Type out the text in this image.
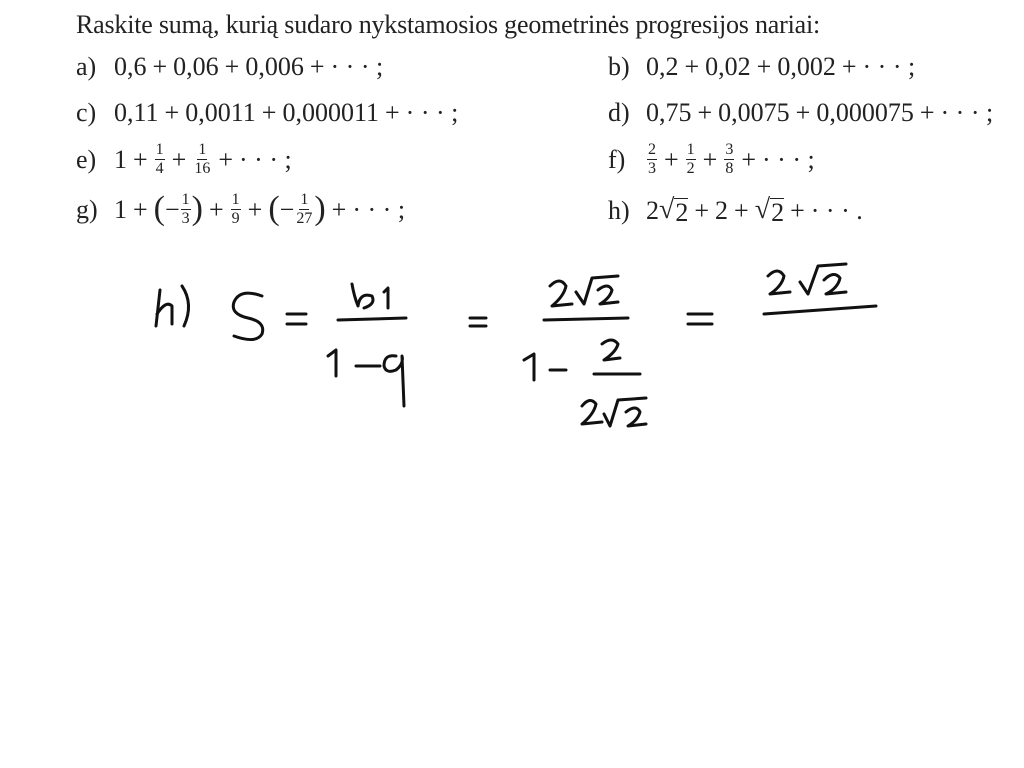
Raskite sumą, kurią sudaro nykstamosios geometrinės progresijos nariai:
a) 0,6 + 0,06 + 0,006 + · · · ;	b) 0,2 + 0,02 + 0,002 + · · · ;
c) 0,11 + 0,0011 + 0,000011 + · · · ;	d) 0,75 + 0,0075 + 0,000075 + · · · ;
e) $1 + \frac{1}{4} + \frac{1}{16}$ + · · · ;	f)	$\frac{2}{3} + \frac{1}{2} + \frac{3}{8}$ + · · · ;
g) 1 + ( − $\frac{1}{3}$ ) + $\frac{1}{9}$ + ( − $\frac{1}{27}$ ) + · · · ;	h) 2 √ 2 + 2 + √ 2 + · · · .
